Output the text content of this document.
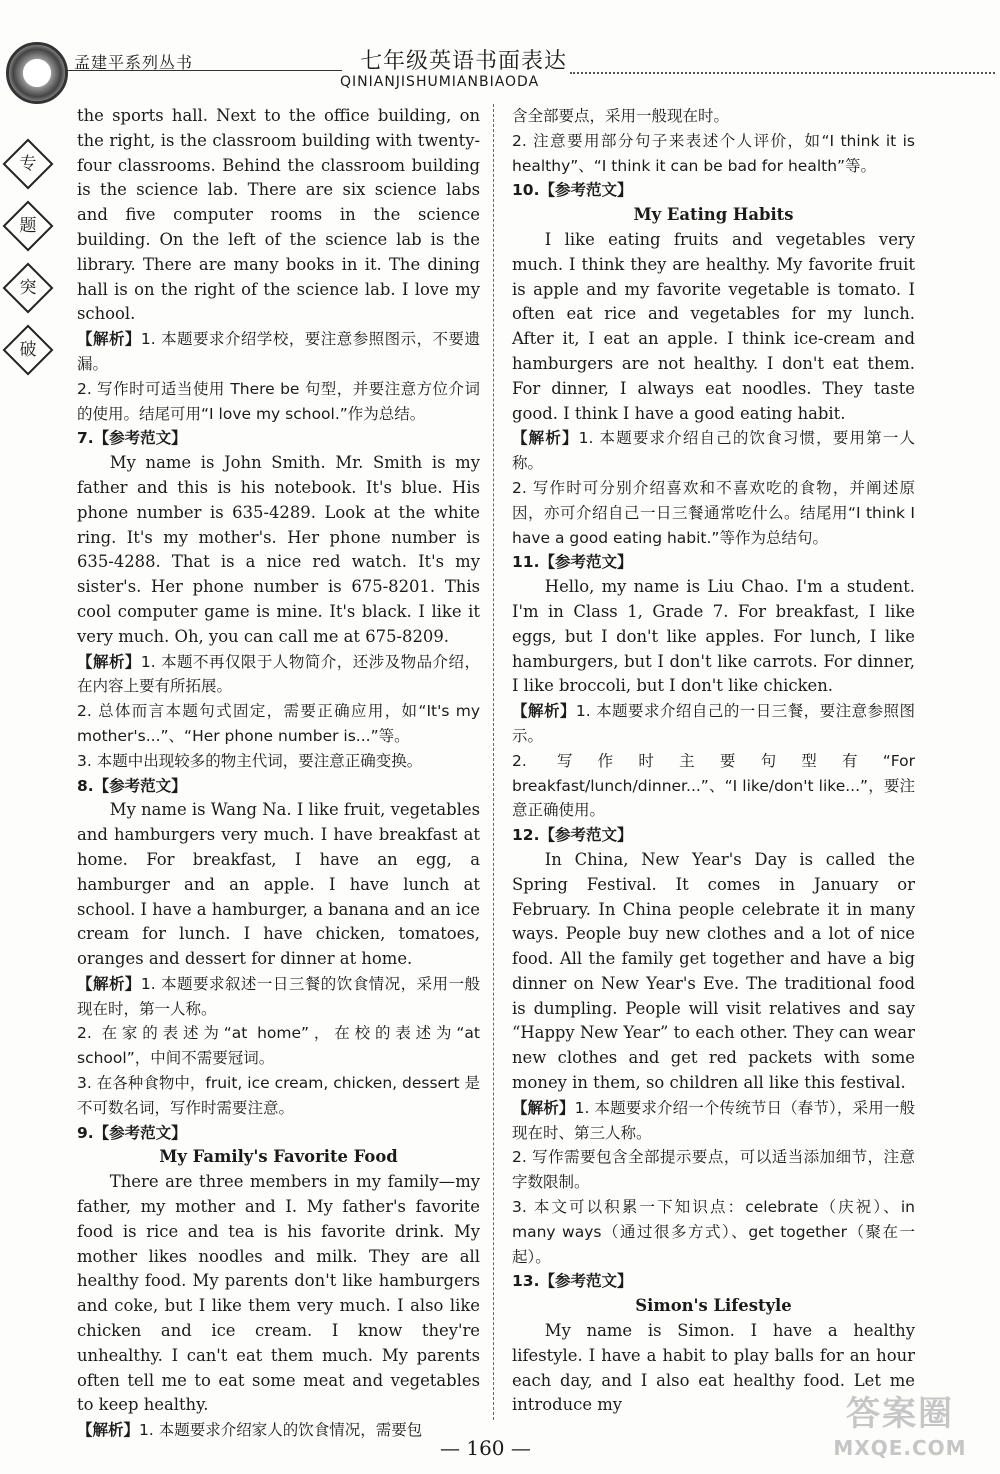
孟建平系列丛书	七年级英语书面表达
QINIANJISHUMIANBIAODA
专
题
突
破

the sports hall. Next to the office building, on the right, is the classroom building with twenty-four classrooms. Behind the classroom building is the science lab. There are six science labs and five computer rooms in the science building. On the left of the science lab is the library. There are many books in it. The dining hall is on the right of the science lab. I love my school.

【解析】1. 本题要求介绍学校，要注意参照图示，不要遗漏。

2. 写作时可适当使用 There be 句型，并要注意方位介词的使用。结尾可用“I love my school.”作为总结。

7.【参考范文】

My name is John Smith. Mr. Smith is my father and this is his notebook. It's blue. His phone number is 635-4289. Look at the white ring. It's my mother's. Her phone number is 635-4288. That is a nice red watch. It's my sister's. Her phone number is 675-8201. This cool computer game is mine. It's black. I like it very much. Oh, you can call me at 675-8209.

【解析】1. 本题不再仅限于人物简介，还涉及物品介绍，在内容上要有所拓展。

2. 总体而言本题句式固定，需要正确应用，如“It's my mother's...”、“Her phone number is...”等。

3. 本题中出现较多的物主代词，要注意正确变换。

8.【参考范文】

My name is Wang Na. I like fruit, vegetables and hamburgers very much. I have breakfast at home. For breakfast, I have an egg, a hamburger and an apple. I have lunch at school. I have a hamburger, a banana and an ice cream for lunch. I have chicken, tomatoes, oranges and dessert for dinner at home.

【解析】1. 本题要求叙述一日三餐的饮食情况，采用一般现在时，第一人称。

2. 在家的表述为“at home”，在校的表述为“at school”，中间不需要冠词。

3. 在各种食物中，fruit, ice cream, chicken, dessert 是不可数名词，写作时需要注意。

9.【参考范文】

My Family's Favorite Food

There are three members in my family—my father, my mother and I. My father's favorite food is rice and tea is his favorite drink. My mother likes noodles and milk. They are all healthy food. My parents don't like hamburgers and coke, but I like them very much. I also like chicken and ice cream. I know they're unhealthy. I can't eat them much. My parents often tell me to eat some meat and vegetables to keep healthy.

【解析】1. 本题要求介绍家人的饮食情况，需要包

含全部要点，采用一般现在时。

2. 注意要用部分句子来表述个人评价，如“I think it is healthy”、“I think it can be bad for health”等。

10.【参考范文】

My Eating Habits

I like eating fruits and vegetables very much. I think they are healthy. My favorite fruit is apple and my favorite vegetable is tomato. I often eat rice and vegetables for my lunch. After it, I eat an apple. I think ice-cream and hamburgers are not healthy. I don't eat them. For dinner, I always eat noodles. They taste good. I think I have a good eating habit.

【解析】1. 本题要求介绍自己的饮食习惯，要用第一人称。

2. 写作时可分别介绍喜欢和不喜欢吃的食物，并阐述原因，亦可介绍自己一日三餐通常吃什么。结尾用“I think I have a good eating habit.”等作为总结句。

11.【参考范文】

Hello, my name is Liu Chao. I'm a student. I'm in Class 1, Grade 7. For breakfast, I like eggs, but I don't like apples. For lunch, I like hamburgers, but I don't like carrots. For dinner, I like broccoli, but I don't like chicken.

【解析】1. 本题要求介绍自己的一日三餐，要注意参照图示。

2. 写作时主要句型有“For breakfast/lunch/dinner...”、“I like/don't like...”，要注意正确使用。

12.【参考范文】

In China, New Year's Day is called the Spring Festival. It comes in January or February. In China people celebrate it in many ways. People buy new clothes and a lot of nice food. All the family get together and have a big dinner on New Year's Eve. The traditional food is dumpling. People will visit relatives and say “Happy New Year” to each other. They can wear new clothes and get red packets with some money in them, so children all like this festival.

【解析】1. 本题要求介绍一个传统节日（春节），采用一般现在时、第三人称。

2. 写作需要包含全部提示要点，可以适当添加细节，注意字数限制。

3. 本文可以积累一下知识点：celebrate（庆祝）、in many ways（通过很多方式）、get together（聚在一起）。

13.【参考范文】

Simon's Lifestyle

My name is Simon. I have a healthy lifestyle. I have a habit to play balls for an hour each day, and I also eat healthy food. Let me introduce my

— 160 —
答案圈
MXQE.COM
